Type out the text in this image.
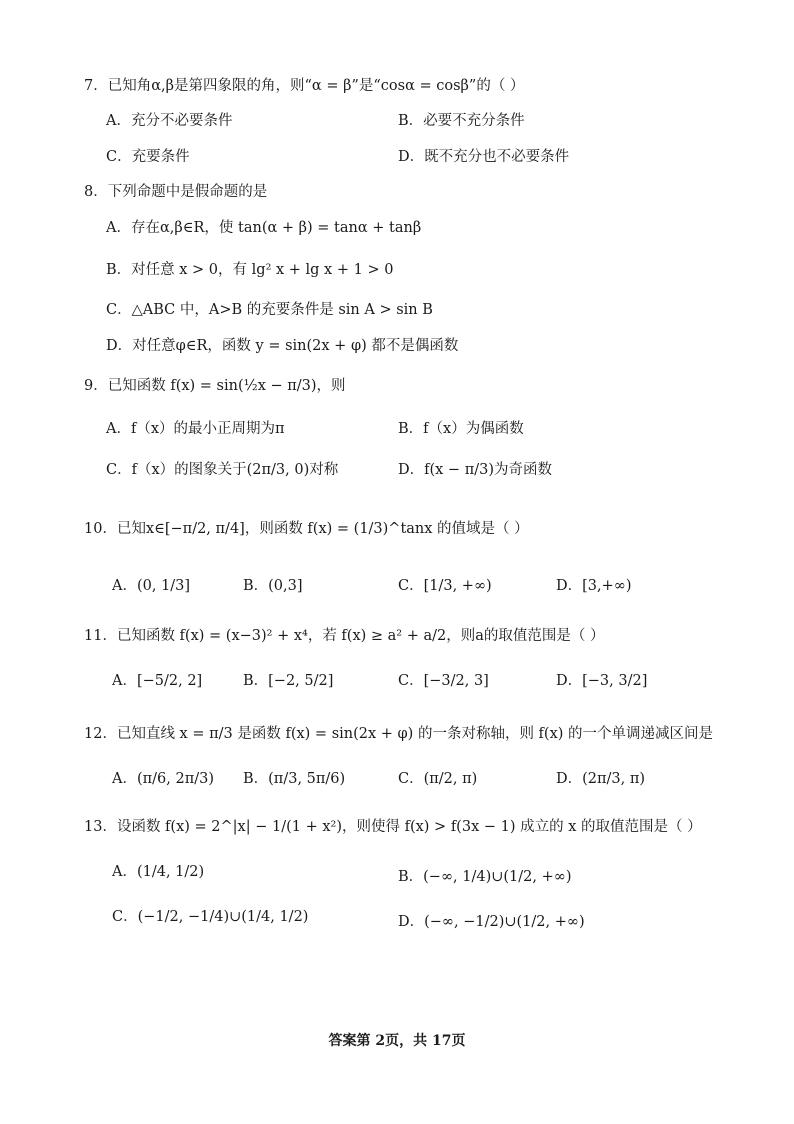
7．已知角α,β是第四象限的角，则“α = β”是“cosα = cosβ”的（ ）
A．充分不必要条件	B．必要不充分条件
C．充要条件	D．既不充分也不必要条件
8．下列命题中是假命题的是
A．存在α,β∈R，使 tan(α + β) = tanα + tanβ
B．对任意 x > 0，有 lg² x + lg x + 1 > 0
C．△ABC 中，A>B 的充要条件是 sin A > sin B
D．对任意φ∈R，函数 y = sin(2x + φ) 都不是偶函数
9．已知函数 f(x) = sin(½x − π/3)，则
A．f（x）的最小正周期为π	B．f（x）为偶函数
C．f（x）的图象关于(2π/3, 0)对称	D．f(x − π/3)为奇函数
10．已知x∈[−π/2, π/4]，则函数 f(x) = (1/3)^tanx 的值域是（ ）
A．(0, 1/3]	B．(0,3]	C．[1/3, +∞)	D．[3,+∞)
11．已知函数 f(x) = (x−3)² + x⁴，若 f(x) ≥ a² + a/2，则a的取值范围是（ ）
A．[−5/2, 2]	B．[−2, 5/2]	C．[−3/2, 3]	D．[−3, 3/2]
12．已知直线 x = π/3 是函数 f(x) = sin(2x + φ) 的一条对称轴，则 f(x) 的一个单调递减区间是
A．(π/6, 2π/3) B．(π/3, 5π/6)	C．(π/2, π)	D．(2π/3, π)
13．设函数 f(x) = 2^|x| − 1/(1 + x²)，则使得 f(x) > f(3x − 1) 成立的 x 的取值范围是（ ）
A．(1/4, 1/2)	B．(−∞, 1/4)∪(1/2, +∞)
C．(−1/2, −1/4)∪(1/4, 1/2)	D．(−∞, −1/2)∪(1/2, +∞)
答案第 2页，共 17页
